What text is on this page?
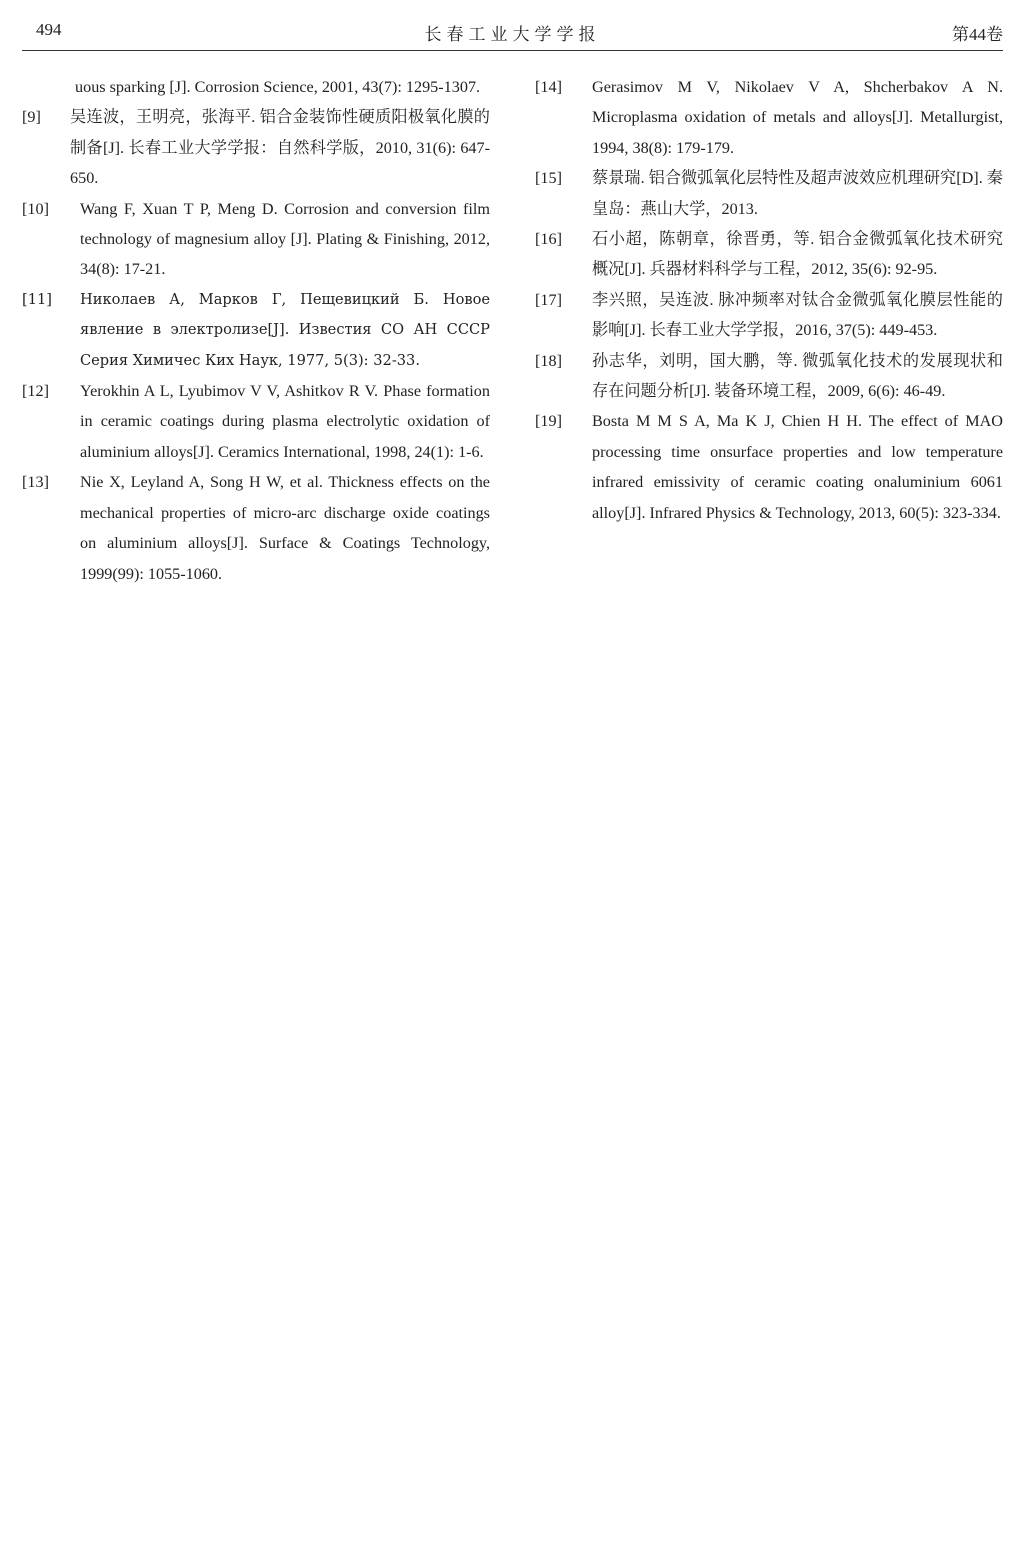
494	长春工业大学学报	第44卷
uous sparking [J]. Corrosion Science, 2001, 43(7): 1295-1307.
[9]	吴连波，王明亮，张海平. 铝合金装饰性硬质阳极氧化膜的制备[J]. 长春工业大学学报：自然科学版，2010, 31(6): 647-650.
[10]	Wang F, Xuan T P, Meng D. Corrosion and conversion film technology of magnesium alloy [J]. Plating & Finishing, 2012, 34(8): 17-21.
[11]	Николаев А, Марков Г, Пещевицкий Б. Новое явление в электролизе[J]. Известия СО АН СССР Серия Химичес Ких Наук, 1977, 5(3): 32-33.
[12]	Yerokhin A L, Lyubimov V V, Ashitkov R V. Phase formation in ceramic coatings during plasma electrolytic oxidation of aluminium alloys[J]. Ceramics International, 1998, 24(1): 1-6.
[13]	Nie X, Leyland A, Song H W, et al. Thickness effects on the mechanical properties of micro-arc discharge oxide coatings on aluminium alloys[J]. Surface & Coatings Technology, 1999(99): 1055-1060.
[14]	Gerasimov M V, Nikolaev V A, Shcherbakov A N. Microplasma oxidation of metals and alloys[J]. Metallurgist, 1994, 38(8): 179-179.
[15]	蔡景瑞. 铝合微弧氧化层特性及超声波效应机理研究[D]. 秦皇岛：燕山大学，2013.
[16]	石小超，陈朝章，徐晋勇，等. 铝合金微弧氧化技术研究概况[J]. 兵器材料科学与工程，2012, 35(6): 92-95.
[17]	李兴照，吴连波. 脉冲频率对钛合金微弧氧化膜层性能的影响[J]. 长春工业大学学报，2016, 37(5): 449-453.
[18]	孙志华，刘明，国大鹏，等. 微弧氧化技术的发展现状和存在问题分析[J]. 装备环境工程，2009, 6(6): 46-49.
[19]	Bosta M M S A, Ma K J, Chien H H. The effect of MAO processing time onsurface properties and low temperature infrared emissivity of ceramic coating onaluminium 6061 alloy[J]. Infrared Physics & Technology, 2013, 60(5): 323-334.
